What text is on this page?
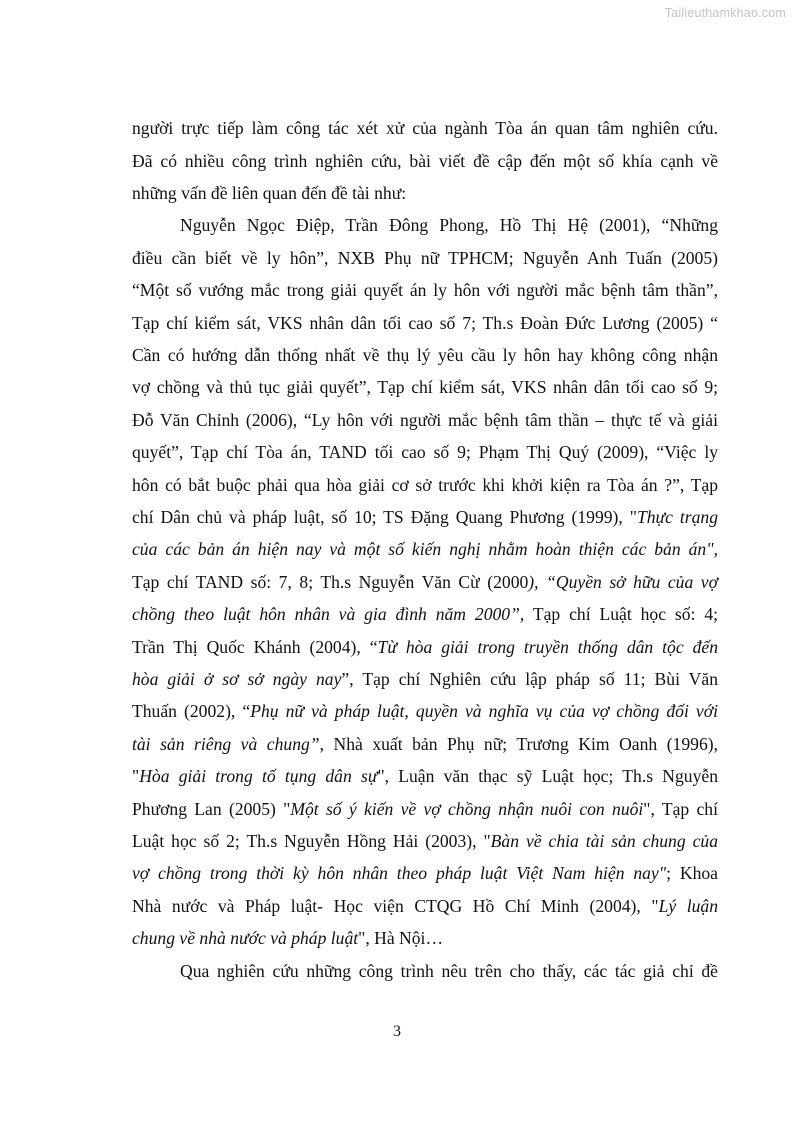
Tailieuthamkhao.com
người trực tiếp làm công tác xét xử của ngành Tòa án quan tâm nghiên cứu.
Đã có nhiều công trình nghiên cứu, bài viết đề cập đến một số khía cạnh về
những vấn đề liên quan đến đề tài như:
Nguyễn Ngọc Điệp, Trần Đông Phong, Hồ Thị Hệ (2001), “Những
điều cần biết về ly hôn”, NXB Phụ nữ TPHCM; Nguyễn Anh Tuấn (2005)
“Một số vướng mắc trong giải quyết án ly hôn với người mắc bệnh tâm thần”,
Tạp chí kiểm sát, VKS nhân dân tối cao số 7; Th.s Đoàn Đức Lương (2005) “
Cần có hướng dẫn thống nhất về thụ lý yêu cầu ly hôn hay không công nhận
vợ chồng và thủ tục giải quyết”, Tạp chí kiểm sát, VKS nhân dân tối cao số 9;
Đỗ Văn Chỉnh (2006), “Ly hôn với người mắc bệnh tâm thần – thực tế và giải
quyết”, Tạp chí Tòa án, TAND tối cao số 9; Phạm Thị Quý (2009), “Việc ly
hôn có bắt buộc phải qua hòa giải cơ sở trước khi khởi kiện ra Tòa án ?”, Tạp
chí Dân chủ và pháp luật, số 10; TS Đặng Quang Phương (1999), "Thực trạng
của các bản án hiện nay và một số kiến nghị nhằm hoàn thiện các bản án",
Tạp chí TAND số: 7, 8; Th.s Nguyễn Văn Cừ (2000), “Quyền sở hữu của vợ
chồng theo luật hôn nhân và gia đình năm 2000”, Tạp chí Luật học số: 4;
Trần Thị Quốc Khánh (2004), “Từ hòa giải trong truyền thống dân tộc đến
hòa giải ở sơ sở ngày nay”, Tạp chí Nghiên cứu lập pháp số 11; Bùi Văn
Thuấn (2002), “Phụ nữ và pháp luật, quyền và nghĩa vụ của vợ chồng đối với
tài sản riêng và chung”, Nhà xuất bản Phụ nữ; Trương Kim Oanh (1996),
"Hòa giải trong tố tụng dân sự", Luận văn thạc sỹ Luật học; Th.s Nguyễn
Phương Lan (2005) "Một số ý kiến về vợ chồng nhận nuôi con nuôi", Tạp chí
Luật học số 2; Th.s Nguyễn Hồng Hải (2003), "Bàn về chia tài sản chung của
vợ chồng trong thời kỳ hôn nhân theo pháp luật Việt Nam hiện nay"; Khoa
Nhà nước và Pháp luật- Học viện CTQG Hồ Chí Minh (2004), "Lý luận
chung về nhà nước và pháp luật", Hà Nội…
Qua nghiên cứu những công trình nêu trên cho thấy, các tác giả chỉ đề
3
